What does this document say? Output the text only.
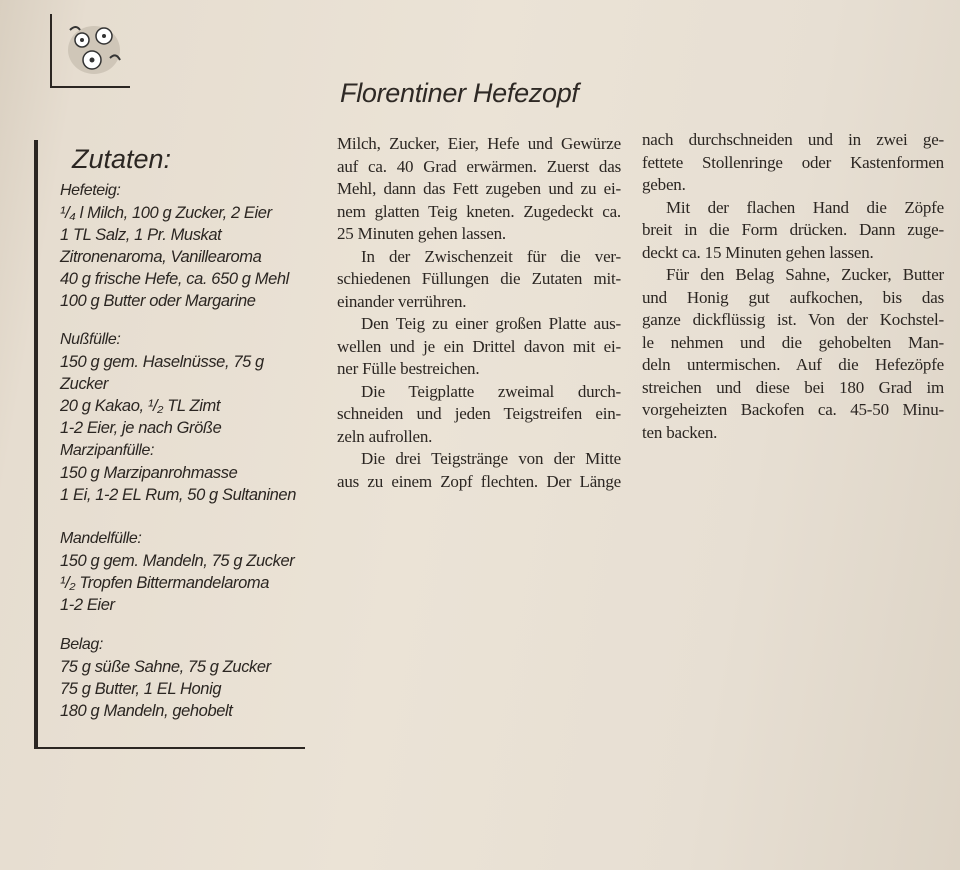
Florentiner Hefezopf
Zutaten:
Hefeteig:
¹/₄ l Milch, 100 g Zucker, 2 Eier
1 TL Salz, 1 Pr. Muskat
Zitronenaroma, Vanillearoma
40 g frische Hefe, ca. 650 g Mehl
100 g Butter oder Margarine
Nußfülle:
150 g gem. Haselnüsse, 75 g Zucker
20 g Kakao, ¹/₂ TL Zimt
1-2 Eier, je nach Größe
Marzipanfülle:
150 g Marzipanrohmasse
1 Ei, 1-2 EL Rum, 50 g Sultaninen
Mandelfülle:
150 g gem. Mandeln, 75 g Zucker
¹/₂ Tropfen Bittermandelaroma
1-2 Eier
Belag:
75 g süße Sahne, 75 g Zucker
75 g Butter, 1 EL Honig
180 g Mandeln, gehobelt
Milch, Zucker, Eier, Hefe und Gewürze
auf ca. 40 Grad erwärmen. Zuerst das
Mehl, dann das Fett zugeben und zu ei-
nem glatten Teig kneten. Zugedeckt ca.
25 Minuten gehen lassen.
In der Zwischenzeit für die ver-
schiedenen Füllungen die Zutaten mit-
einander verrühren.
Den Teig zu einer großen Platte aus-
wellen und je ein Drittel davon mit ei-
ner Fülle bestreichen.
Die Teigplatte zweimal durch-
schneiden und jeden Teigstreifen ein-
zeln aufrollen.
Die drei Teigstränge von der Mitte
aus zu einem Zopf flechten. Der Länge
nach durchschneiden und in zwei ge-
fettete Stollenringe oder Kastenformen
geben.
Mit der flachen Hand die Zöpfe
breit in die Form drücken. Dann zuge-
deckt ca. 15 Minuten gehen lassen.
Für den Belag Sahne, Zucker, Butter
und Honig gut aufkochen, bis das
ganze dickflüssig ist. Von der Kochstel-
le nehmen und die gehobelten Man-
deln untermischen. Auf die Hefezöpfe
streichen und diese bei 180 Grad im
vorgeheizten Backofen ca. 45-50 Minu-
ten backen.
